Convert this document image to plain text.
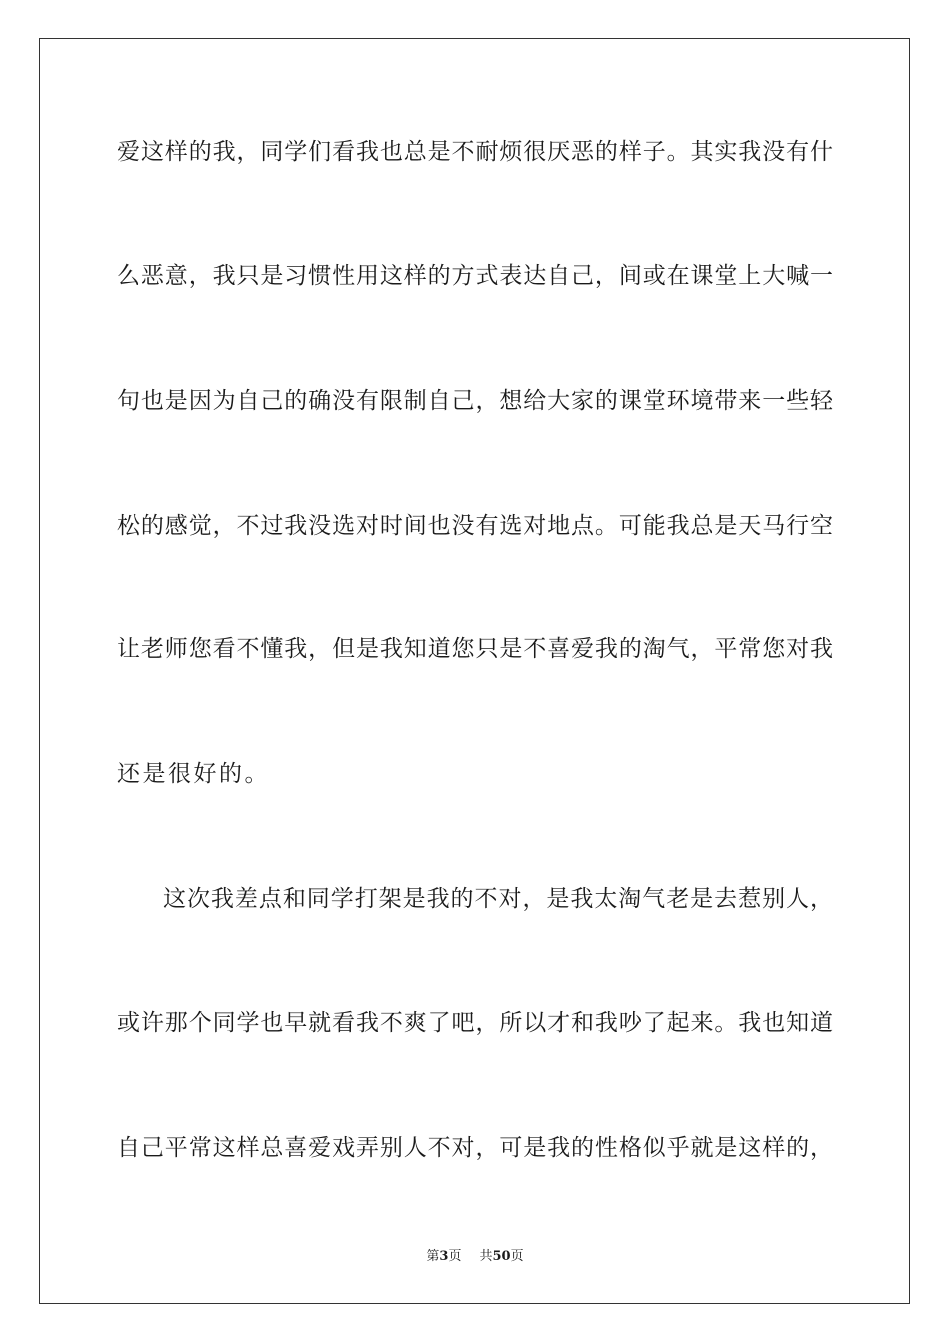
爱这样的我，同学们看我也总是不耐烦很厌恶的样子。其实我没有什
么恶意，我只是习惯性用这样的方式表达自己，间或在课堂上大喊一
句也是因为自己的确没有限制自己，想给大家的课堂环境带来一些轻
松的感觉，不过我没选对时间也没有选对地点。可能我总是天马行空
让老师您看不懂我，但是我知道您只是不喜爱我的淘气，平常您对我
还是很好的。
这次我差点和同学打架是我的不对，是我太淘气老是去惹别人，
或许那个同学也早就看我不爽了吧，所以才和我吵了起来。我也知道
自己平常这样总喜爱戏弄别人不对，可是我的性格似乎就是这样的，
第3页 共50页
